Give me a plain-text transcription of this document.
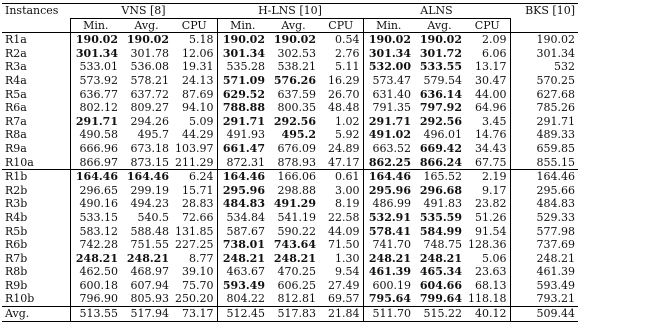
Instances	VNS [8]			H-LNS [10]			ALNS			BKS [10]
	Min.	Avg.	CPU	Min.	Avg.	CPU	Min.	Avg.	CPU	
R1a	190.02	190.02	5.18	190.02	190.02	0.54	190.02	190.02	2.09	190.02
R2a	301.34	301.78	12.06	301.34	302.53	2.76	301.34	301.72	6.06	301.34
R3a	533.01	536.08	19.31	535.28	538.21	5.11	532.00	533.55	13.17	532
R4a	573.92	578.21	24.13	571.09	576.26	16.29	573.47	579.54	30.47	570.25
R5a	636.77	637.72	87.69	629.52	637.59	26.70	631.40	636.14	44.00	627.68
R6a	802.12	809.27	94.10	788.88	800.35	48.48	791.35	797.92	64.96	785.26
R7a	291.71	294.26	5.09	291.71	292.56	1.02	291.71	292.56	3.45	291.71
R8a	490.58	495.7	44.29	491.93	495.2	5.92	491.02	496.01	14.76	489.33
R9a	666.96	673.18	103.97	661.47	676.09	24.89	663.52	669.42	34.43	659.85
R10a	866.97	873.15	211.29	872.31	878.93	47.17	862.25	866.24	67.75	855.15
R1b	164.46	164.46	6.24	164.46	166.06	0.61	164.46	165.52	2.19	164.46
R2b	296.65	299.19	15.71	295.96	298.88	3.00	295.96	296.68	9.17	295.66
R3b	490.16	494.23	28.83	484.83	491.29	8.19	486.99	491.83	23.82	484.83
R4b	533.15	540.5	72.66	534.84	541.19	22.58	532.91	535.59	51.26	529.33
R5b	583.12	588.48	131.85	587.67	590.22	44.09	578.41	584.99	91.54	577.98
R6b	742.28	751.55	227.25	738.01	743.64	71.50	741.70	748.75	128.36	737.69
R7b	248.21	248.21	8.77	248.21	248.21	1.30	248.21	248.21	5.06	248.21
R8b	462.50	468.97	39.10	463.67	470.25	9.54	461.39	465.34	23.63	461.39
R9b	600.18	607.94	75.70	593.49	606.25	27.49	600.19	604.66	68.13	593.49
R10b	796.90	805.93	250.20	804.22	812.81	69.57	795.64	799.64	118.18	793.21
Avg.	513.55	517.94	73.17	512.45	517.83	21.84	511.70	515.22	40.12	509.44
